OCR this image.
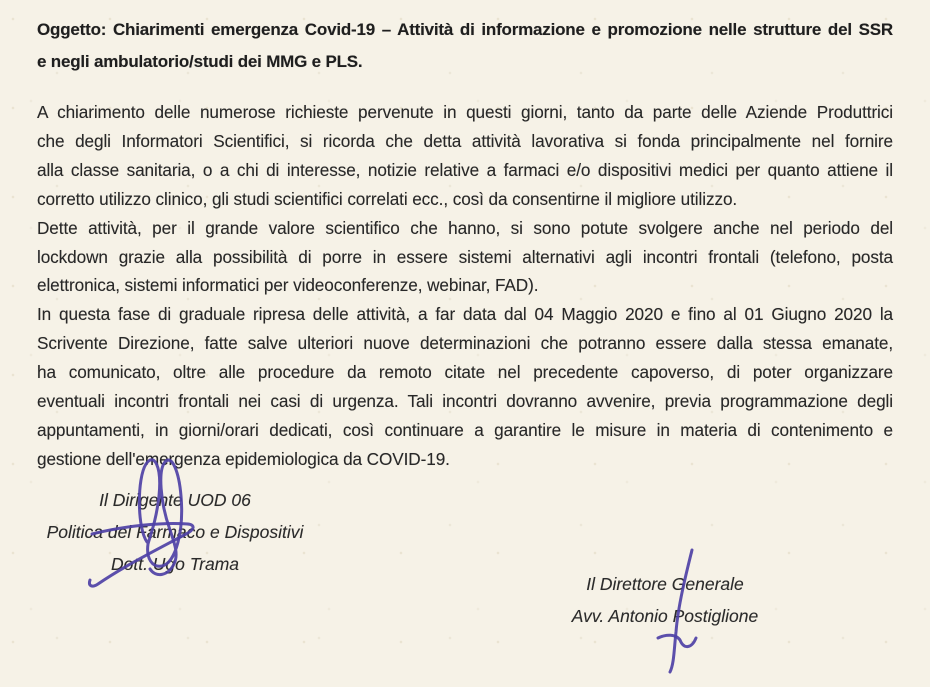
Oggetto: Chiarimenti emergenza Covid-19 – Attività di informazione e promozione nelle strutture del SSR
e negli ambulatorio/studi dei MMG e PLS.
A chiarimento delle numerose richieste pervenute in questi giorni, tanto da parte delle Aziende Produttrici
che degli Informatori Scientifici, si ricorda che detta attività lavorativa si fonda principalmente nel fornire
alla classe sanitaria, o a chi di interesse, notizie relative a farmaci e/o dispositivi medici per quanto attiene il
corretto utilizzo clinico, gli studi scientifici correlati ecc., così da consentirne il migliore utilizzo.
Dette attività, per il grande valore scientifico che hanno, si sono potute svolgere anche nel periodo del
lockdown grazie alla possibilità di porre in essere sistemi alternativi agli incontri frontali (telefono, posta
elettronica, sistemi informatici per videoconferenze, webinar, FAD).
In questa fase di graduale ripresa delle attività, a far data dal 04 Maggio 2020 e fino al 01 Giugno 2020 la
Scrivente Direzione, fatte salve ulteriori nuove determinazioni che potranno essere dalla stessa emanate,
ha comunicato, oltre alle procedure da remoto citate nel precedente capoverso, di poter organizzare
eventuali incontri frontali nei casi di urgenza. Tali incontri dovranno avvenire, previa programmazione degli
appuntamenti, in giorni/orari dedicati, così continuare a garantire le misure in materia di contenimento e
gestione dell'emergenza epidemiologica da COVID-19.
Il Dirigente UOD 06
Politica del Farmaco e Dispositivi
Dott. Ugo Trama
Il Direttore Generale
Avv. Antonio Postiglione
